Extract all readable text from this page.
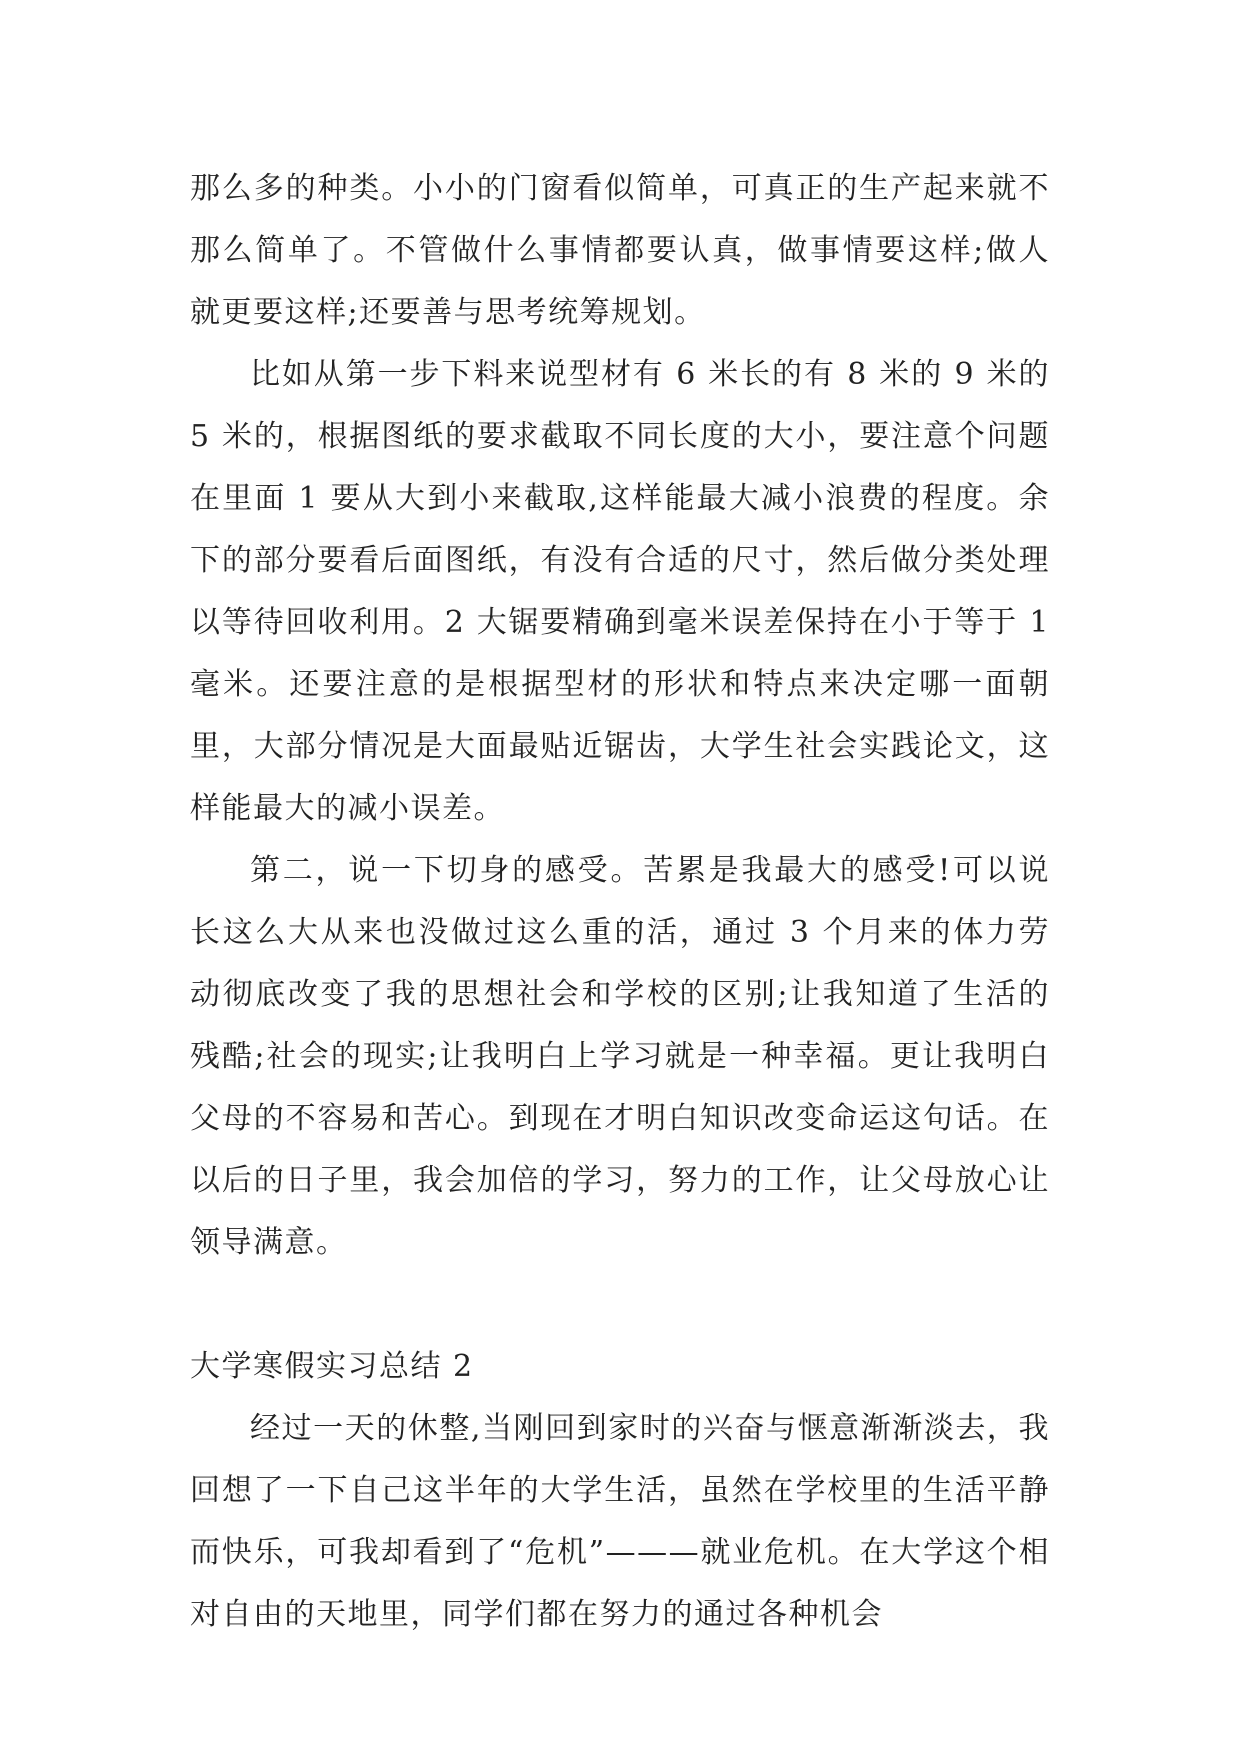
那么多的种类。小小的门窗看似简单，可真正的生产起来就不那么简单了。不管做什么事情都要认真，做事情要这样;做人就更要这样;还要善与思考统筹规划。

比如从第一步下料来说型材有 6 米长的有 8 米的 9 米的 5 米的，根据图纸的要求截取不同长度的大小，要注意个问题在里面 1 要从大到小来截取,这样能最大减小浪费的程度。余下的部分要看后面图纸，有没有合适的尺寸，然后做分类处理以等待回收利用。2 大锯要精确到毫米误差保持在小于等于 1 毫米。还要注意的是根据型材的形状和特点来决定哪一面朝里，大部分情况是大面最贴近锯齿，大学生社会实践论文，这样能最大的减小误差。

第二，说一下切身的感受。苦累是我最大的感受!可以说长这么大从来也没做过这么重的活，通过 3 个月来的体力劳动彻底改变了我的思想社会和学校的区别;让我知道了生活的残酷;社会的现实;让我明白上学习就是一种幸福。更让我明白父母的不容易和苦心。到现在才明白知识改变命运这句话。在以后的日子里，我会加倍的学习，努力的工作，让父母放心让领导满意。

大学寒假实习总结 2

经过一天的休整,当刚回到家时的兴奋与惬意渐渐淡去，我回想了一下自己这半年的大学生活，虽然在学校里的生活平静而快乐，可我却看到了“危机”———就业危机。在大学这个相对自由的天地里，同学们都在努力的通过各种机会
